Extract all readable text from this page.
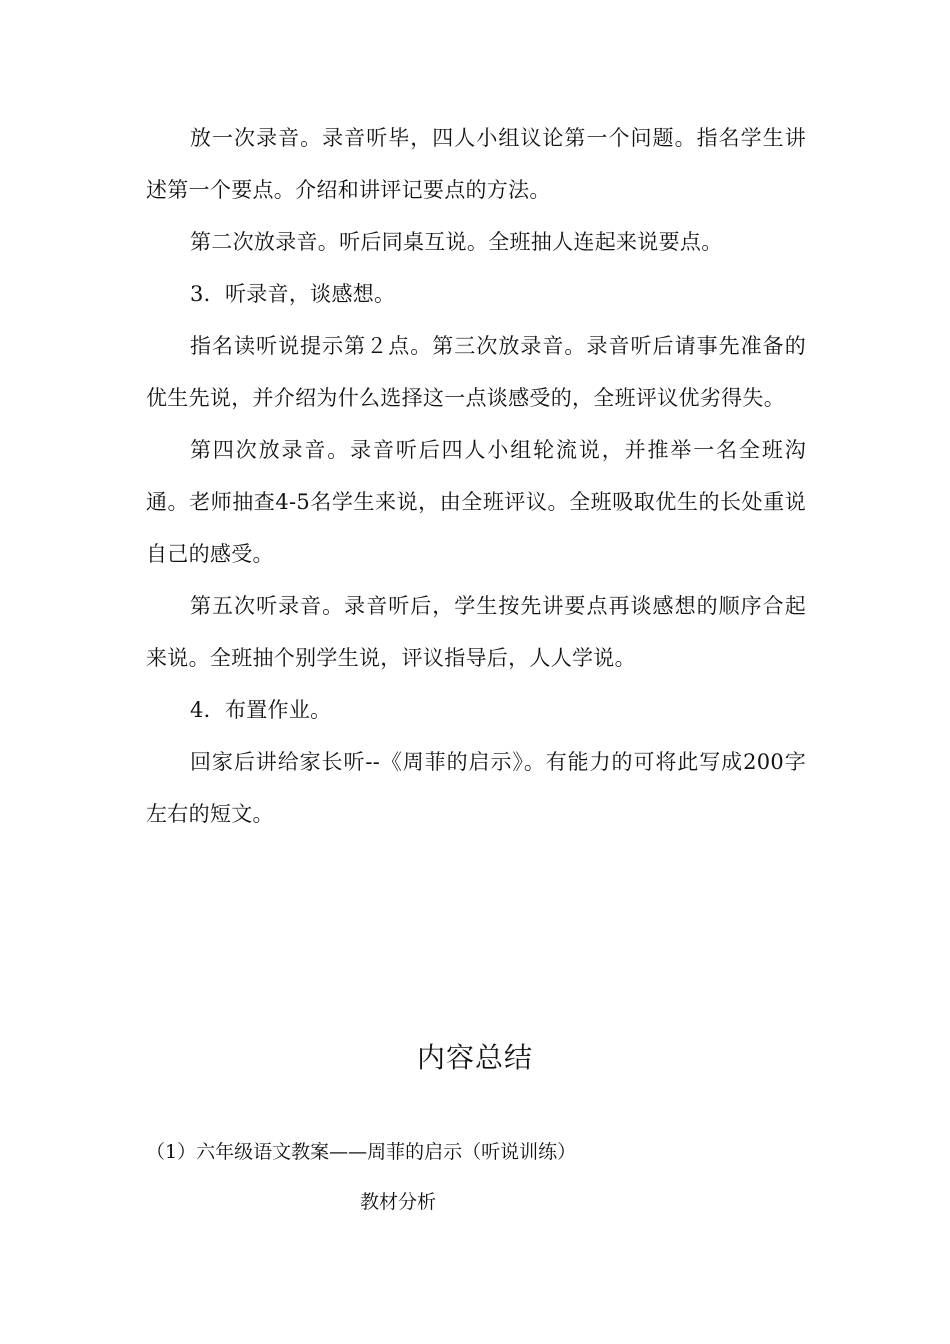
放一次录音。录音听毕，四人小组议论第一个问题。指名学生讲述第一个要点。介绍和讲评记要点的方法。

第二次放录音。听后同桌互说。全班抽人连起来说要点。

3．听录音，谈感想。

指名读听说提示第２点。第三次放录音。录音听后请事先准备的优生先说，并介绍为什么选择这一点谈感受的，全班评议优劣得失。

第四次放录音。录音听后四人小组轮流说，并推举一名全班沟通。老师抽查4-5名学生来说，由全班评议。全班吸取优生的长处重说自己的感受。

第五次听录音。录音听后，学生按先讲要点再谈感想的顺序合起来说。全班抽个别学生说，评议指导后，人人学说。

4．布置作业。

回家后讲给家长听--《周菲的启示》。有能力的可将此写成200字左右的短文。

内容总结
（1）六年级语文教案——周菲的启示（听说训练）
教材分析
